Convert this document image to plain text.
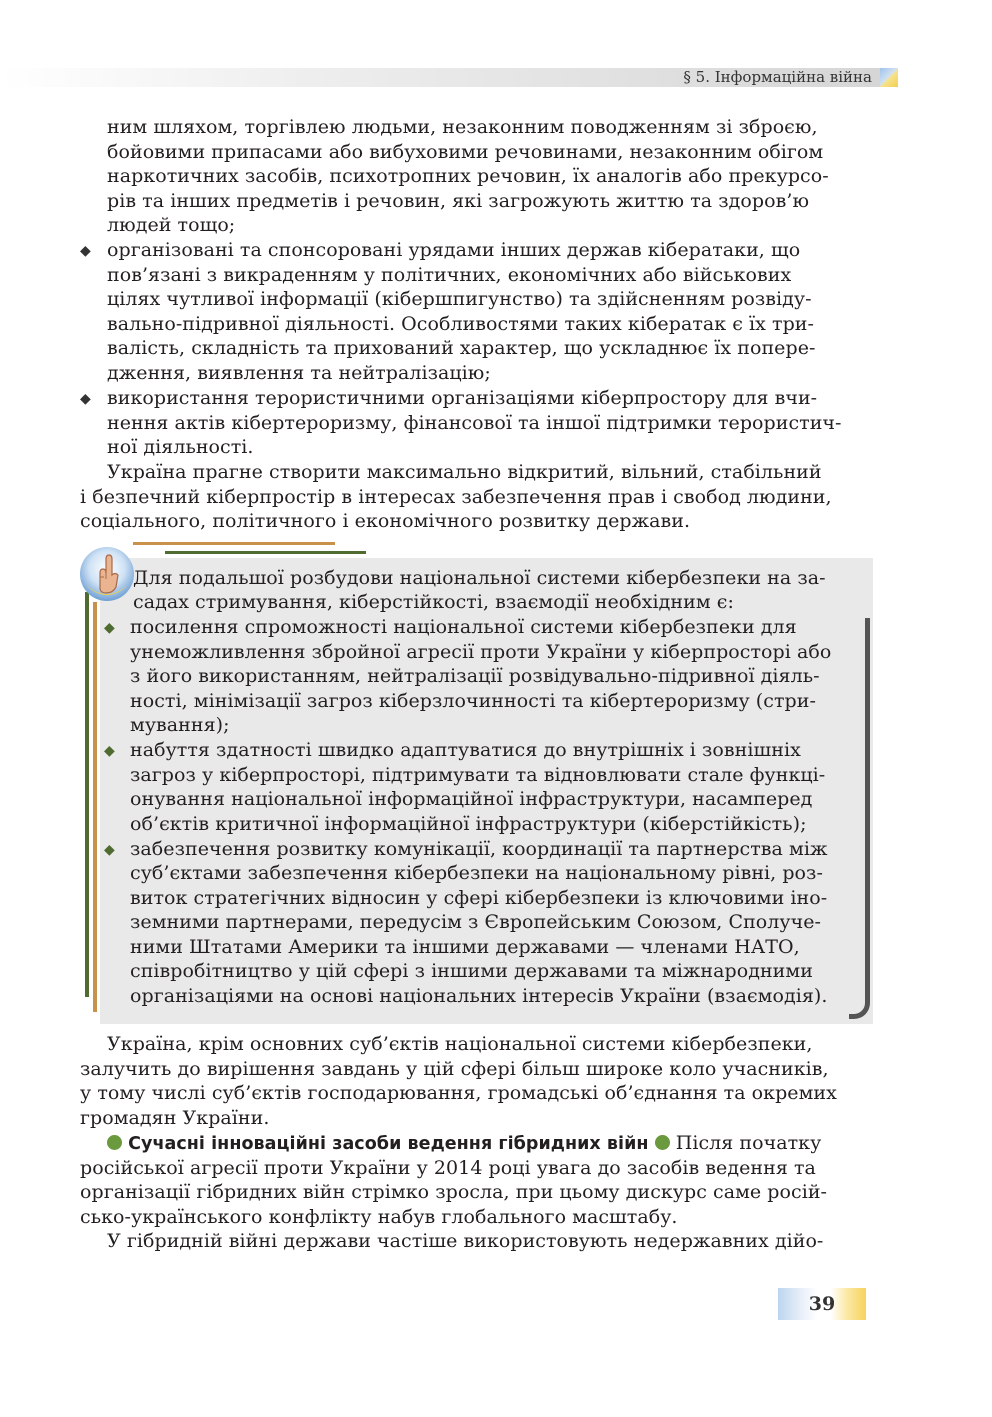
§ 5. Інформаційна війна
ним шляхом, торгівлею людьми, незаконним поводженням зі зброєю,
бойовими припасами або вибуховими речовинами, незаконним обігом
наркотичних засобів, психотропних речовин, їх аналогів або прекурсо-
рів та інших предметів і речовин, які загрожують життю та здоров’ю
людей тощо;
◆ організовані та спонсоровані урядами інших держав кібератаки, що
пов’язані з викраденням у політичних, економічних або військових
цілях чутливої інформації (кібершпигунство) та здійсненням розвіду-
вально-підривної діяльності. Особливостями таких кібератак є їх три-
валість, складність та прихований характер, що ускладнює їх попере-
дження, виявлення та нейтралізацію;
◆ використання терористичними організаціями кіберпростору для вчи-
нення актів кібертероризму, фінансової та іншої підтримки терористич-
ної діяльності.
Україна прагне створити максимально відкритий, вільний, стабільний
і безпечний кіберпростір в інтересах забезпечення прав і свобод людини,
соціального, політичного і економічного розвитку держави.
Для подальшої розбудови національної системи кібербезпеки на за-
садах стримування, кіберстійкості, взаємодії необхідним є:
◆ посилення спроможності національної системи кібербезпеки для
унеможливлення збройної агресії проти України у кіберпросторі або
з його використанням, нейтралізації розвідувально-підривної діяль-
ності, мінімізації загроз кіберзлочинності та кібертероризму (стри-
мування);
◆ набуття здатності швидко адаптуватися до внутрішніх і зовнішніх
загроз у кіберпросторі, підтримувати та відновлювати стале функці-
онування національної інформаційної інфраструктури, насамперед
об’єктів критичної інформаційної інфраструктури (кіберстійкість);
◆ забезпечення розвитку комунікації, координації та партнерства між
суб’єктами забезпечення кібербезпеки на національному рівні, роз-
виток стратегічних відносин у сфері кібербезпеки із ключовими іно-
земними партнерами, передусім з Європейським Союзом, Сполуче-
ними Штатами Америки та іншими державами — членами НАТО,
співробітництво у цій сфері з іншими державами та міжнародними
організаціями на основі національних інтересів України (взаємодія).
Україна, крім основних суб’єктів національної системи кібербезпеки,
залучить до вирішення завдань у цій сфері більш широке коло учасників,
у тому числі суб’єктів господарювання, громадські об’єднання та окремих
громадян України.
Сучасні інноваційні засоби ведення гібридних війн  Після початку
російської агресії проти України у 2014 році увага до засобів ведення та
організації гібридних війн стрімко зросла, при цьому дискурс саме росій-
сько-українського конфлікту набув глобального масштабу.
У гібридній війні держави частіше використовують недержавних дійо-
39
